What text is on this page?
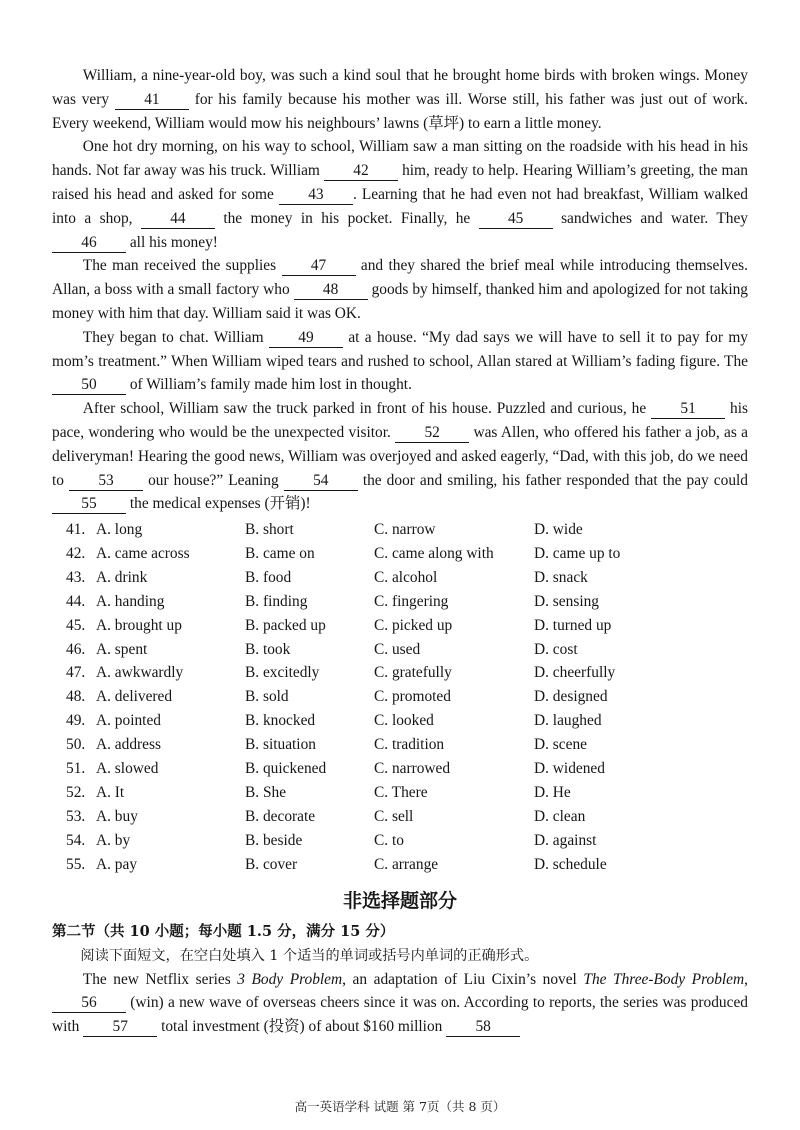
William, a nine-year-old boy, was such a kind soul that he brought home birds with broken wings. Money was very 41 for his family because his mother was ill. Worse still, his father was just out of work. Every weekend, William would mow his neighbours’ lawns (草坪) to earn a little money.

One hot dry morning, on his way to school, William saw a man sitting on the roadside with his head in his hands. Not far away was his truck. William 42 him, ready to help. Hearing William’s greeting, the man raised his head and asked for some 43 . Learning that he had even not had breakfast, William walked into a shop, 44 the money in his pocket. Finally, he 45 sandwiches and water. They 46 all his money!

The man received the supplies 47 and they shared the brief meal while introducing themselves. Allan, a boss with a small factory who 48 goods by himself, thanked him and apologized for not taking money with him that day. William said it was OK.

They began to chat. William 49 at a house. “My dad says we will have to sell it to pay for my mom’s treatment.” When William wiped tears and rushed to school, Allan stared at William’s fading figure. The 50 of William’s family made him lost in thought.

After school, William saw the truck parked in front of his house. Puzzled and curious, he 51 his pace, wondering who would be the unexpected visitor. 52 was Allen, who offered his father a job, as a deliveryman! Hearing the good news, William was overjoyed and asked eagerly, “Dad, with this job, do we need to 53 our house?” Leaning 54 the door and smiling, his father responded that the pay could 55 the medical expenses (开销)!

41. A. long	B. short	C. narrow	D. wide
42. A. came across	B. came on	C. came along with	D. came up to
43. A. drink	B. food	C. alcohol	D. snack
44. A. handing	B. finding	C. fingering	D. sensing
45. A. brought up	B. packed up	C. picked up	D. turned up
46. A. spent	B. took	C. used	D. cost
47. A. awkwardly	B. excitedly	C. gratefully	D. cheerfully
48. A. delivered	B. sold	C. promoted	D. designed
49. A. pointed	B. knocked	C. looked	D. laughed
50. A. address	B. situation	C. tradition	D. scene
51. A. slowed	B. quickened	C. narrowed	D. widened
52. A. It	B. She	C. There	D. He
53. A. buy	B. decorate	C. sell	D. clean
54. A. by	B. beside	C. to	D. against
55. A. pay	B. cover	C. arrange	D. schedule
非选择题部分
第二节（共 10 小题；每小题 1.5 分，满分 15 分）
阅读下面短文，在空白处填入 1 个适当的单词或括号内单词的正确形式。

The new Netflix series 3 Body Problem, an adaptation of Liu Cixin’s novel The Three-Body Problem, 56 (win) a new wave of overseas cheers since it was on. According to reports, the series was produced with 57 total investment (投资) of about $160 million 58

高一英语学科 试题 第 7页（共 8 页）
